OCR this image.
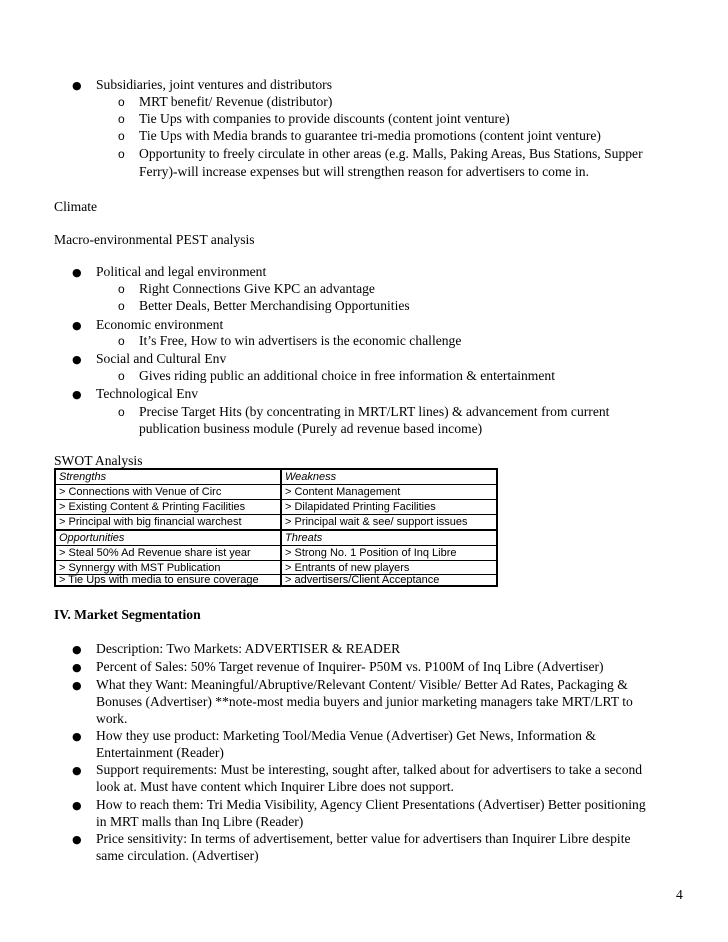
● Subsidiaries, joint ventures and distributors
o MRT benefit/ Revenue (distributor)
o Tie Ups with companies to provide discounts (content joint venture)
o Tie Ups with Media brands to guarantee tri-media promotions (content joint venture)
o Opportunity to freely circulate in other areas (e.g. Malls, Paking Areas, Bus Stations, Supper
Ferry)-will increase expenses but will strengthen reason for advertisers to come in.
Climate
Macro-environmental PEST analysis
● Political and legal environment
o Right Connections Give KPC an advantage
o Better Deals, Better Merchandising Opportunities
● Economic environment
o It’s Free, How to win advertisers is the economic challenge
● Social and Cultural Env
o Gives riding public an additional choice in free information & entertainment
● Technological Env
o Precise Target Hits (by concentrating in MRT/LRT lines) & advancement from current
publication business module (Purely ad revenue based income)
SWOT Analysis
Strengths
> Connections with Venue of Circ
> Existing Content & Printing Facilities
> Principal with big financial warchest
Opportunities
> Steal 50% Ad Revenue share ist year
> Synnergy with MST Publication
> Tie Ups with media to ensure coverage
Weakness
> Content Management
> Dilapidated Printing Facilities
> Principal wait & see/ support issues
Threats
> Strong No. 1 Position of Inq Libre
> Entrants of new players
> advertisers/Client Acceptance
IV. Market Segmentation
● Description: Two Markets: ADVERTISER & READER
● Percent of Sales: 50% Target revenue of Inquirer- P50M vs. P100M of Inq Libre (Advertiser)
● What they Want: Meaningful/Abruptive/Relevant Content/ Visible/ Better Ad Rates, Packaging &
Bonuses (Advertiser) **note-most media buyers and junior marketing managers take MRT/LRT to
work.
● How they use product: Marketing Tool/Media Venue (Advertiser) Get News, Information &
Entertainment (Reader)
● Support requirements: Must be interesting, sought after, talked about for advertisers to take a second
look at. Must have content which Inquirer Libre does not support.
● How to reach them: Tri Media Visibility, Agency Client Presentations (Advertiser) Better positioning
in MRT malls than Inq Libre (Reader)
● Price sensitivity: In terms of advertisement, better value for advertisers than Inquirer Libre despite
same circulation. (Advertiser)
4
